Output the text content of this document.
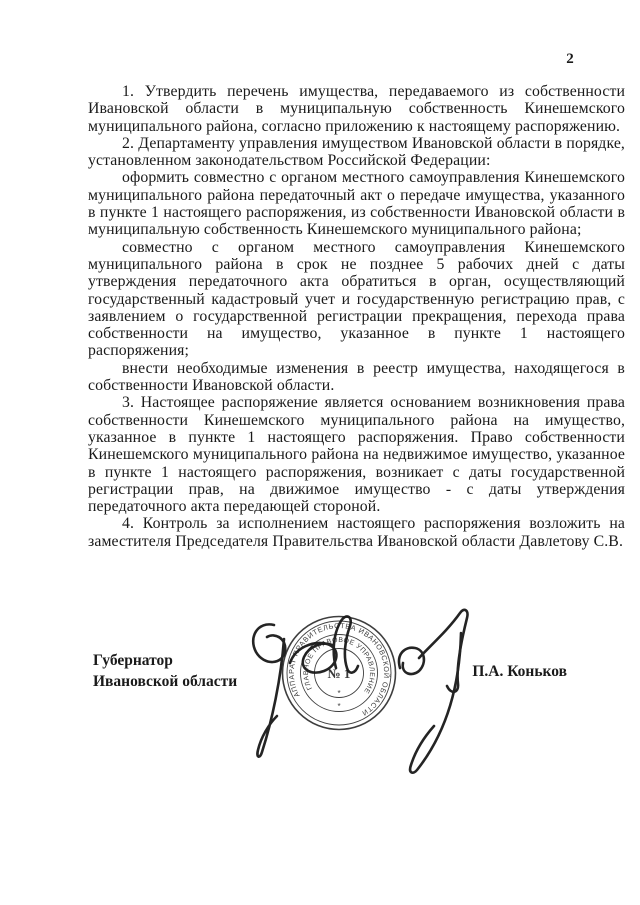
2

1. Утвердить перечень имущества, передаваемого из собственности Ивановской области в муниципальную собственность Кинешемского муниципального района, согласно приложению к настоящему распоряжению.

2. Департаменту управления имуществом Ивановской области в порядке, установленном законодательством Российской Федерации:

оформить совместно с органом местного самоуправления Кинешемского муниципального района передаточный акт о передаче имущества, указанного в пункте 1 настоящего распоряжения, из собственности Ивановской области в муниципальную собственность Кинешемского муниципального района;

совместно с органом местного самоуправления Кинешемского муниципального района в срок не позднее 5 рабочих дней с даты утверждения передаточного акта обратиться в орган, осуществляющий государственный кадастровый учет и государственную регистрацию прав, с заявлением о государственной регистрации прекращения, перехода права собственности на имущество, указанное в пункте 1 настоящего распоряжения;

внести необходимые изменения в реестр имущества, находящегося в собственности Ивановской области.

3. Настоящее распоряжение является основанием возникновения права собственности Кинешемского муниципального района на имущество, указанное в пункте 1 настоящего распоряжения. Право собственности Кинешемского муниципального района на недвижимое имущество, указанное в пункте 1 настоящего распоряжения, возникает с даты государственной регистрации прав, на движимое имущество - с даты утверждения передаточного акта передающей стороной.

4. Контроль за исполнением настоящего распоряжения возложить на заместителя Председателя Правительства Ивановской области Давлетову С.В.

Губернатор
Ивановской области
П.А. Коньков
АППАРАТ ПРАВИТЕЛЬСТВА ИВАНОВСКОЙ ОБЛАСТИ
ГЛАВНОЕ ПРАВОВОЕ УПРАВЛЕНИЕ
№ 1
*
*
